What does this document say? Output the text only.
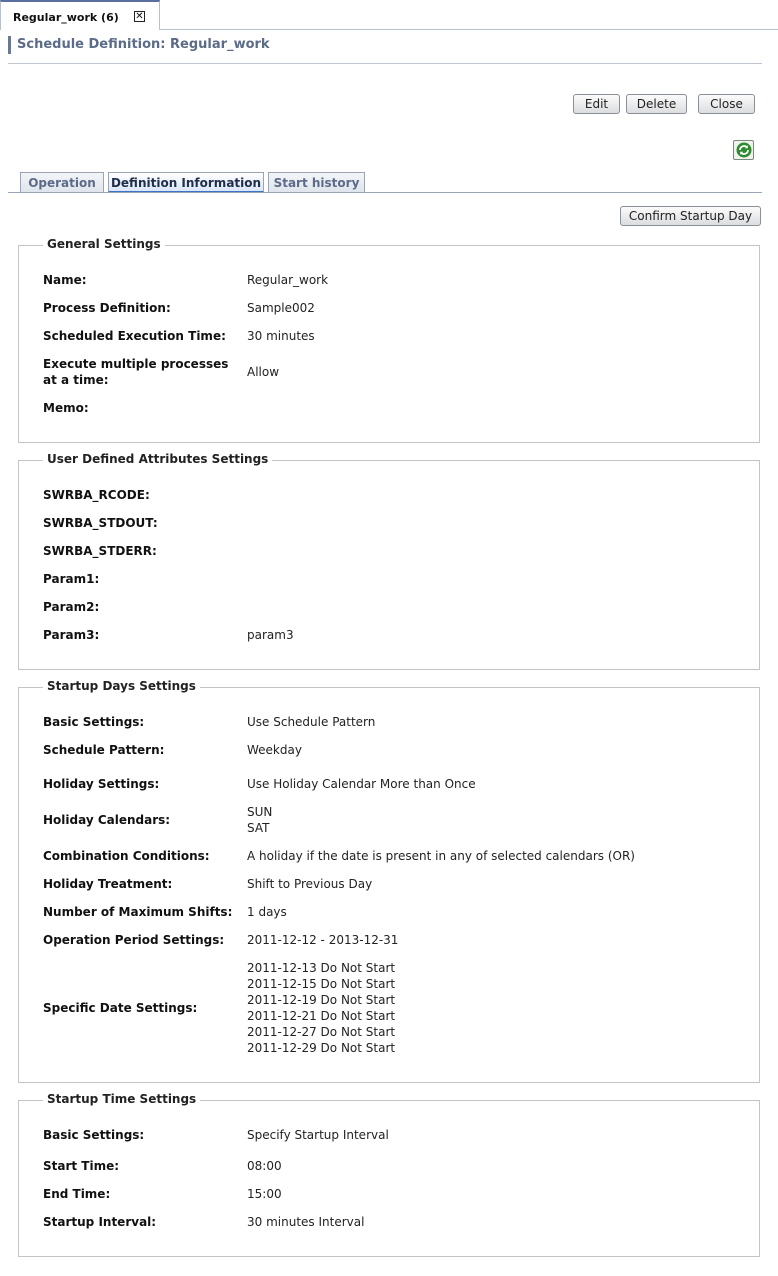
Regular_work (6) ✕
Schedule Definition: Regular_work
Edit	Delete	Close
Operation	Definition Information	Start history
Confirm Startup Day
General Settings
Name:	Regular_work
Process Definition:	Sample002
Scheduled Execution Time:	30 minutes
Execute multiple processes at a time:
Allow
Memo:
User Defined Attributes Settings
SWRBA_RCODE:
SWRBA_STDOUT:
SWRBA_STDERR:
Param1:
Param2:
Param3:	param3
Startup Days Settings
Basic Settings:	Use Schedule Pattern
Schedule Pattern:	Weekday
Holiday Settings:	Use Holiday Calendar More than Once
Holiday Calendars:
SUN
SAT
Combination Conditions:	A holiday if the date is present in any of selected calendars (OR)
Holiday Treatment:	Shift to Previous Day
Number of Maximum Shifts:	1 days
Operation Period Settings:	2011-12-12 - 2013-12-31
Specific Date Settings:
2011-12-13 Do Not Start
2011-12-15 Do Not Start
2011-12-19 Do Not Start
2011-12-21 Do Not Start
2011-12-27 Do Not Start
2011-12-29 Do Not Start
Startup Time Settings
Basic Settings:	Specify Startup Interval
Start Time:	08:00
End Time:	15:00
Startup Interval:	30 minutes Interval
